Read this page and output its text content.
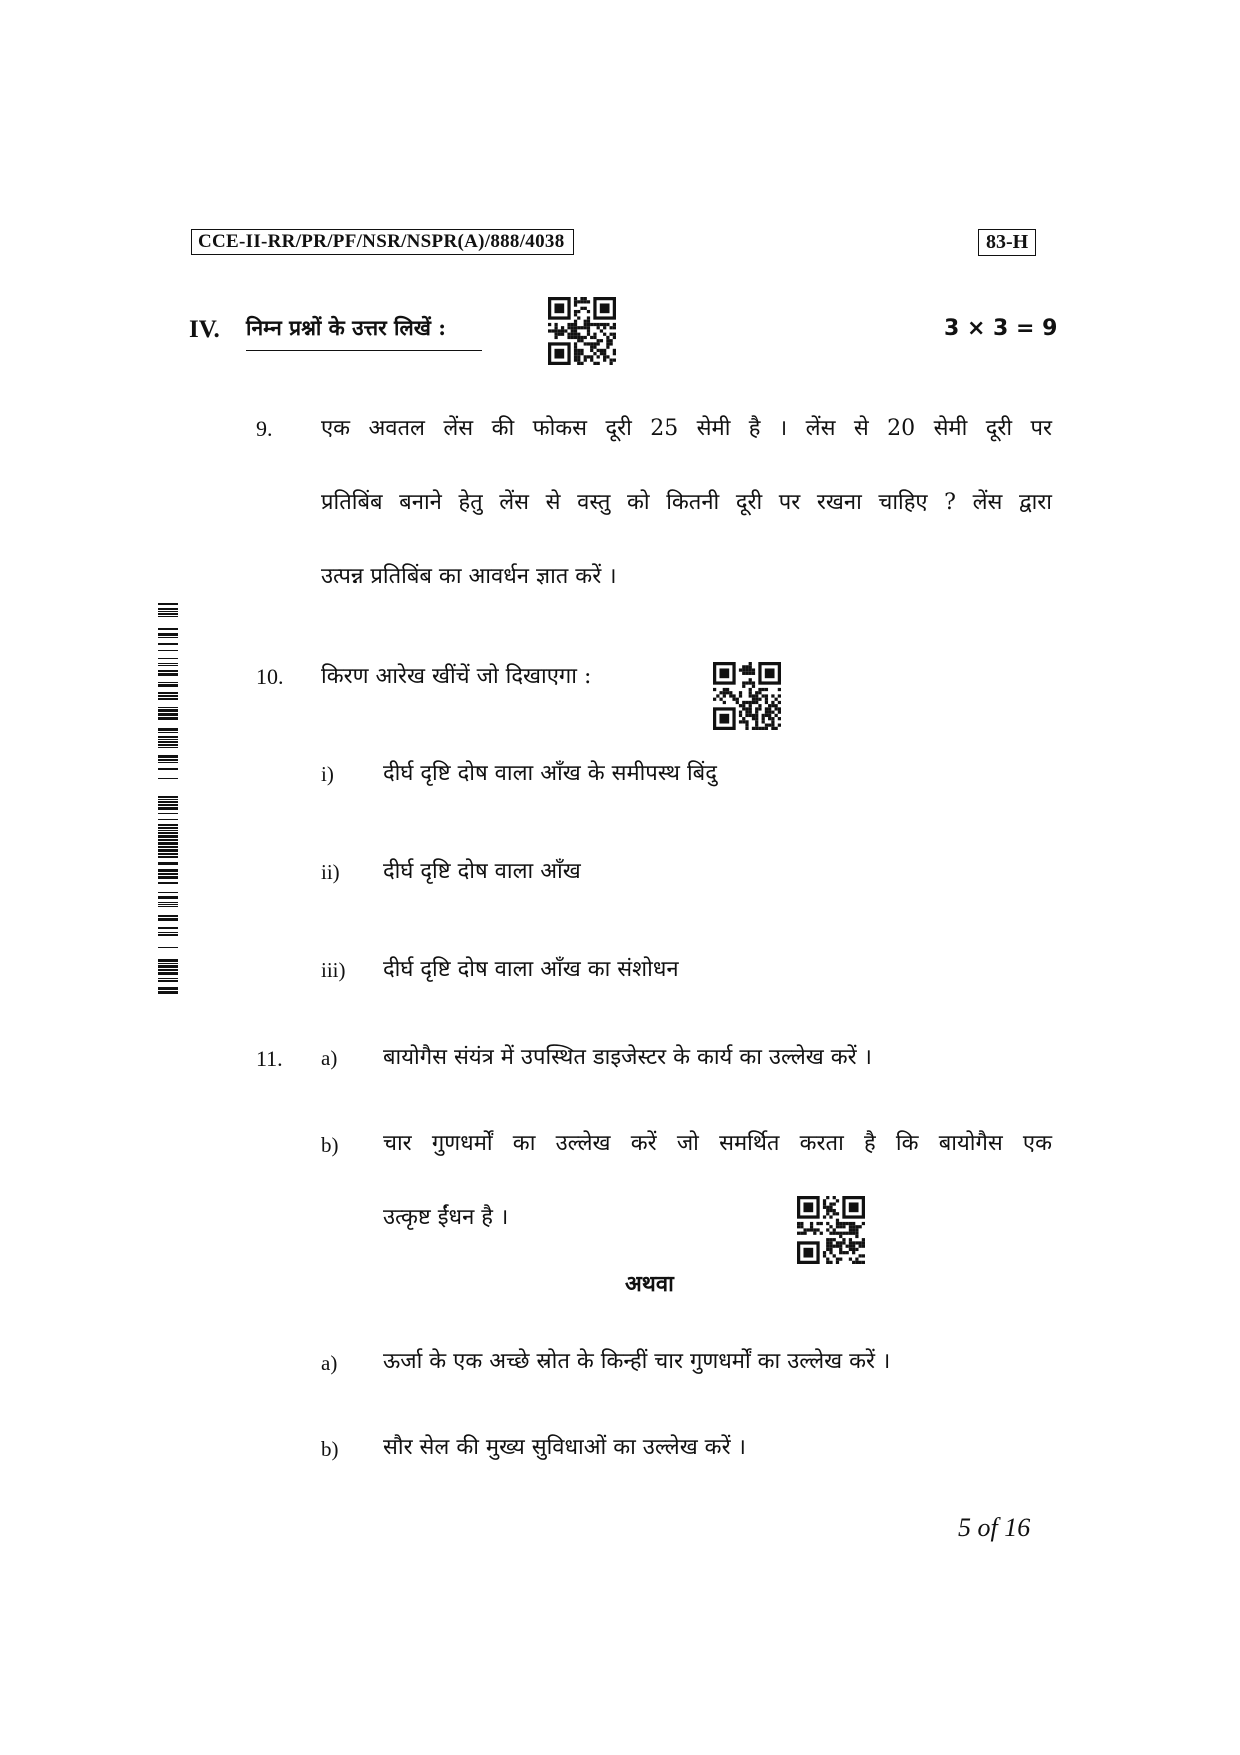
CCE-II-RR/PR/PF/NSR/NSPR(A)/888/4038	83-H
IV. निम्न प्रश्नों के उत्तर लिखें :	3 × 3 = 9
9. एक अवतल लेंस की फोकस दूरी 25 सेमी है । लेंस से 20 सेमी दूरी पर
प्रतिबिंब बनाने हेतु लेंस से वस्तु को कितनी दूरी पर रखना चाहिए ? लेंस द्वारा
उत्पन्न प्रतिबिंब का आवर्धन ज्ञात करें ।
10. किरण आरेख खींचें जो दिखाएगा :
i) दीर्घ दृष्टि दोष वाला आँख के समीपस्थ बिंदु
ii) दीर्घ दृष्टि दोष वाला आँख
iii) दीर्घ दृष्टि दोष वाला आँख का संशोधन
11. a) बायोगैस संयंत्र में उपस्थित डाइजेस्टर के कार्य का उल्लेख करें ।
b) चार गुणधर्मों का उल्लेख करें जो समर्थित करता है कि बायोगैस एक
उत्कृष्ट ईंधन है ।
अथवा
a) ऊर्जा के एक अच्छे स्रोत के किन्हीं चार गुणधर्मों का उल्लेख करें ।
b) सौर सेल की मुख्य सुविधाओं का उल्लेख करें ।
5 of 16
